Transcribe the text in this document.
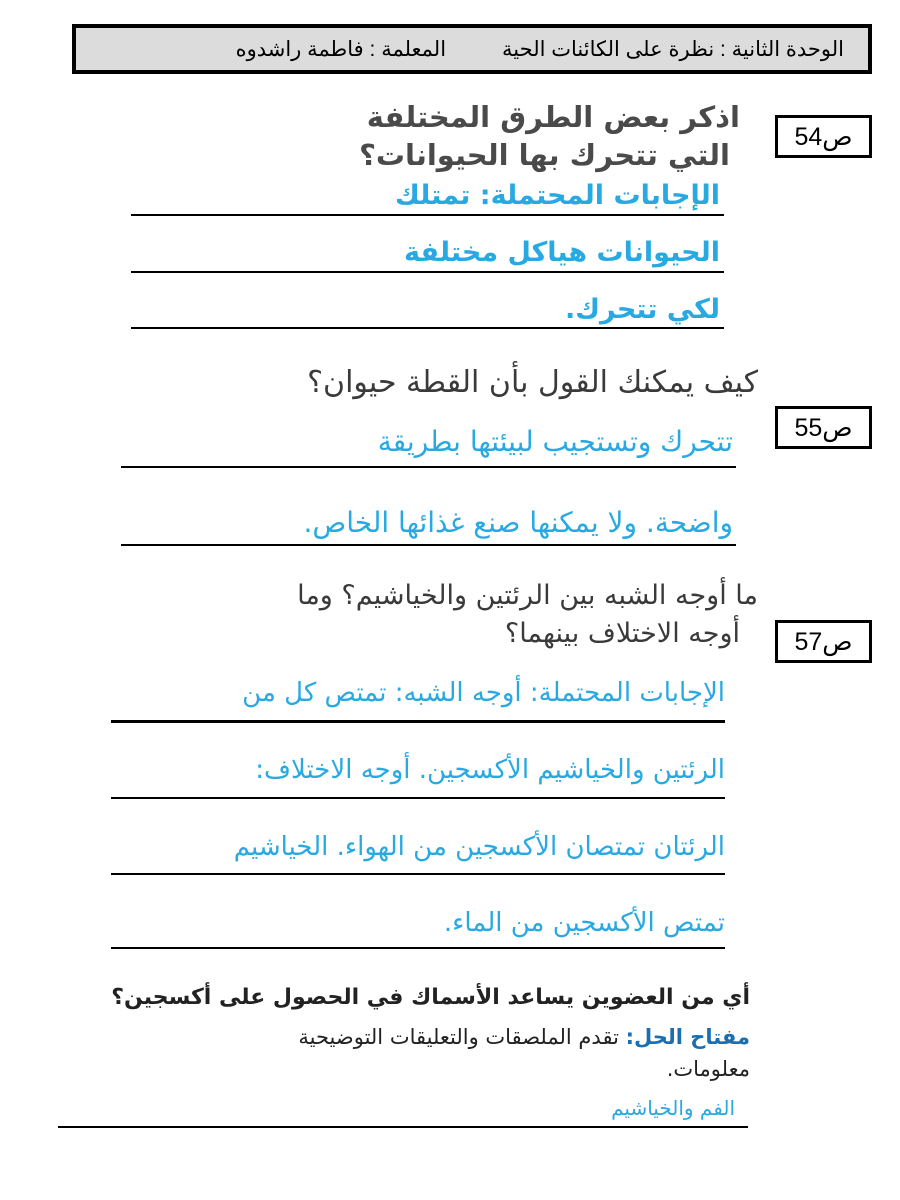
الوحدة الثانية : نظرة على الكائنات الحية
المعلمة : فاطمة راشدوه
ص54

اذكر بعض الطرق المختلفة

التي تتحرك بها الحيوانات؟

الإجابات المحتملة: تمتلك

الحيوانات هياكل مختلفة

لكي تتحرك.

كيف يمكنك القول بأن القطة حيوان؟

ص55

تتحرك وتستجيب لبيئتها بطريقة

واضحة. ولا يمكنها صنع غذائها الخاص.

ما أوجه الشبه بين الرئتين والخياشيم؟ وما

أوجه الاختلاف بينهما؟	ص57

الإجابات المحتملة: أوجه الشبه: تمتص كل من

الرئتين والخياشيم الأكسجين. أوجه الاختلاف:

الرئتان تمتصان الأكسجين من الهواء. الخياشيم

تمتص الأكسجين من الماء.

أي من العضوين يساعد الأسماك في الحصول على أكسجين؟

مفتاح الحل: تقدم الملصقات والتعليقات التوضيحية

معلومات.

الفم والخياشيم
